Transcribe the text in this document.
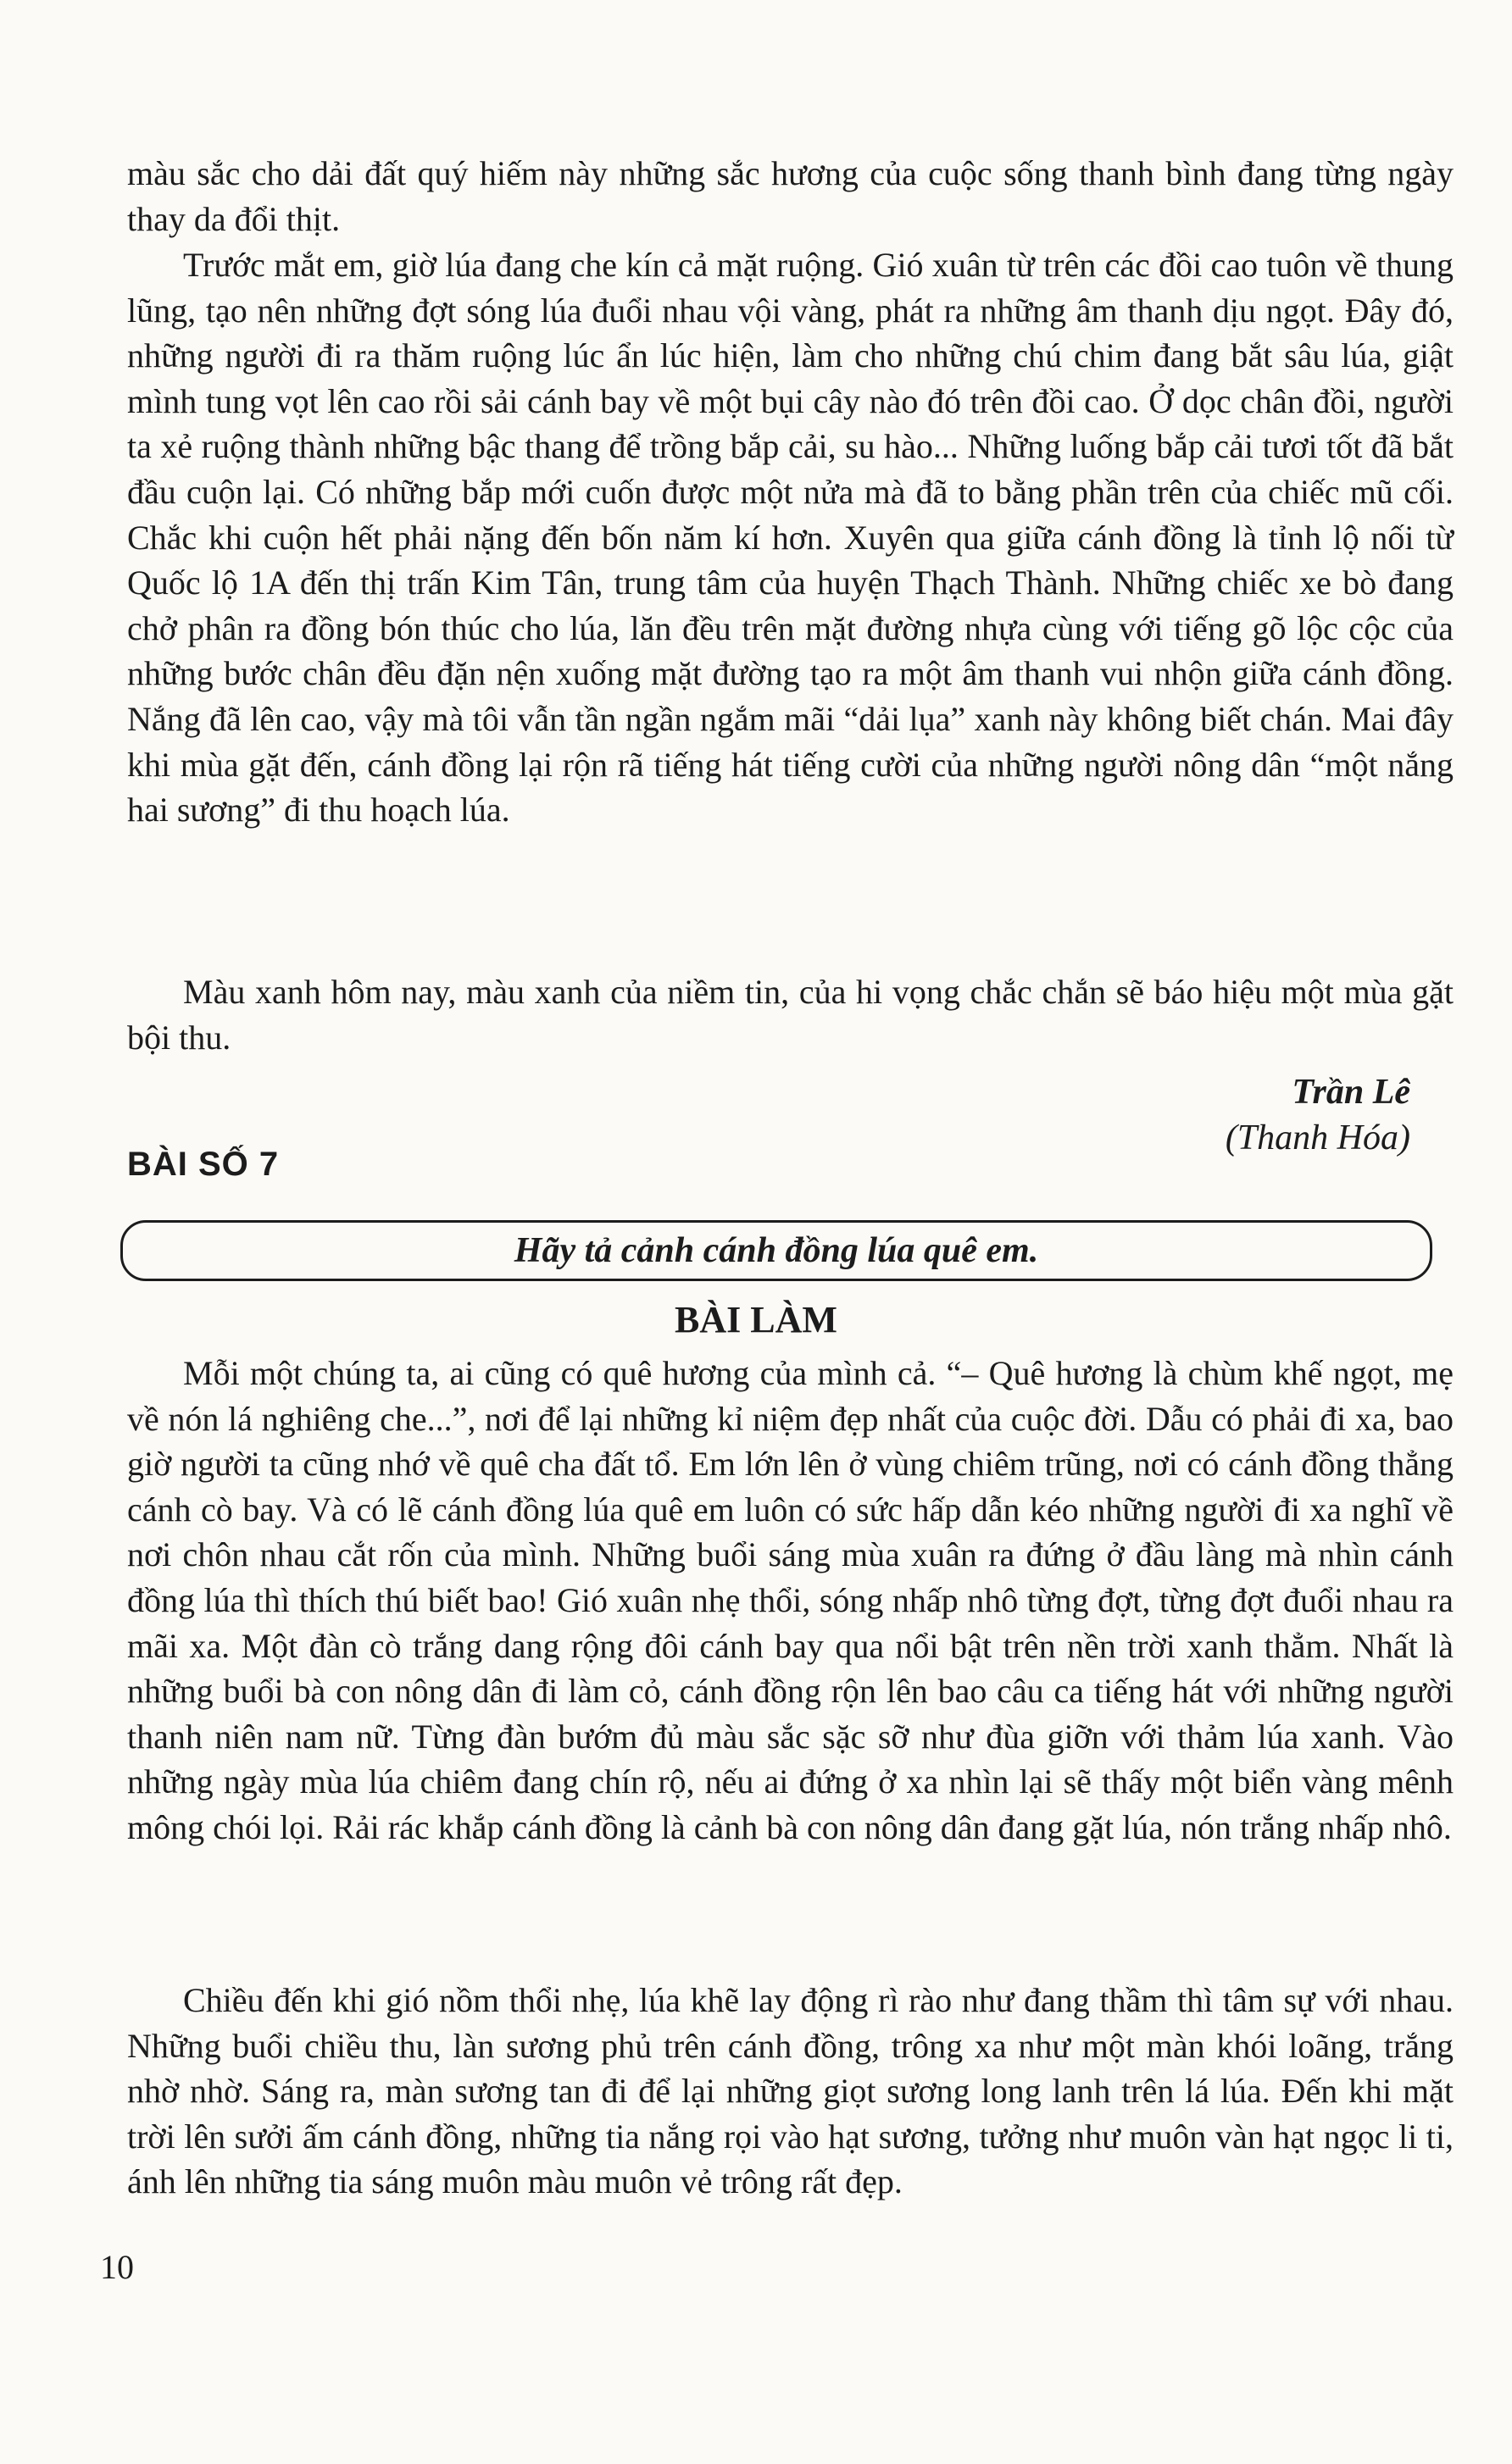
màu sắc cho dải đất quý hiếm này những sắc hương của cuộc sống thanh bình đang từng ngày thay da đổi thịt.

Trước mắt em, giờ lúa đang che kín cả mặt ruộng. Gió xuân từ trên các đồi cao tuôn về thung lũng, tạo nên những đợt sóng lúa đuổi nhau vội vàng, phát ra những âm thanh dịu ngọt. Đây đó, những người đi ra thăm ruộng lúc ẩn lúc hiện, làm cho những chú chim đang bắt sâu lúa, giật mình tung vọt lên cao rồi sải cánh bay về một bụi cây nào đó trên đồi cao. Ở dọc chân đồi, người ta xẻ ruộng thành những bậc thang để trồng bắp cải, su hào... Những luống bắp cải tươi tốt đã bắt đầu cuộn lại. Có những bắp mới cuốn được một nửa mà đã to bằng phần trên của chiếc mũ cối. Chắc khi cuộn hết phải nặng đến bốn năm kí hơn. Xuyên qua giữa cánh đồng là tỉnh lộ nối từ Quốc lộ 1A đến thị trấn Kim Tân, trung tâm của huyện Thạch Thành. Những chiếc xe bò đang chở phân ra đồng bón thúc cho lúa, lăn đều trên mặt đường nhựa cùng với tiếng gõ lộc cộc của những bước chân đều đặn nện xuống mặt đường tạo ra một âm thanh vui nhộn giữa cánh đồng. Nắng đã lên cao, vậy mà tôi vẫn tần ngần ngắm mãi “dải lụa” xanh này không biết chán. Mai đây khi mùa gặt đến, cánh đồng lại rộn rã tiếng hát tiếng cười của những người nông dân “một nắng hai sương” đi thu hoạch lúa.

Màu xanh hôm nay, màu xanh của niềm tin, của hi vọng chắc chắn sẽ báo hiệu một mùa gặt bội thu.

Trần Lê
(Thanh Hóa)
BÀI SỐ 7
Hãy tả cảnh cánh đồng lúa quê em.
BÀI LÀM

Mỗi một chúng ta, ai cũng có quê hương của mình cả. “– Quê hương là chùm khế ngọt, mẹ về nón lá nghiêng che...”, nơi để lại những kỉ niệm đẹp nhất của cuộc đời. Dẫu có phải đi xa, bao giờ người ta cũng nhớ về quê cha đất tổ. Em lớn lên ở vùng chiêm trũng, nơi có cánh đồng thẳng cánh cò bay. Và có lẽ cánh đồng lúa quê em luôn có sức hấp dẫn kéo những người đi xa nghĩ về nơi chôn nhau cắt rốn của mình. Những buổi sáng mùa xuân ra đứng ở đầu làng mà nhìn cánh đồng lúa thì thích thú biết bao! Gió xuân nhẹ thổi, sóng nhấp nhô từng đợt, từng đợt đuổi nhau ra mãi xa. Một đàn cò trắng dang rộng đôi cánh bay qua nổi bật trên nền trời xanh thẳm. Nhất là những buổi bà con nông dân đi làm cỏ, cánh đồng rộn lên bao câu ca tiếng hát với những người thanh niên nam nữ. Từng đàn bướm đủ màu sắc sặc sỡ như đùa giỡn với thảm lúa xanh. Vào những ngày mùa lúa chiêm đang chín rộ, nếu ai đứng ở xa nhìn lại sẽ thấy một biển vàng mênh mông chói lọi. Rải rác khắp cánh đồng là cảnh bà con nông dân đang gặt lúa, nón trắng nhấp nhô.

Chiều đến khi gió nồm thổi nhẹ, lúa khẽ lay động rì rào như đang thầm thì tâm sự với nhau. Những buổi chiều thu, làn sương phủ trên cánh đồng, trông xa như một màn khói loãng, trắng nhờ nhờ. Sáng ra, màn sương tan đi để lại những giọt sương long lanh trên lá lúa. Đến khi mặt trời lên sưởi ấm cánh đồng, những tia nắng rọi vào hạt sương, tưởng như muôn vàn hạt ngọc li ti, ánh lên những tia sáng muôn màu muôn vẻ trông rất đẹp.

10
